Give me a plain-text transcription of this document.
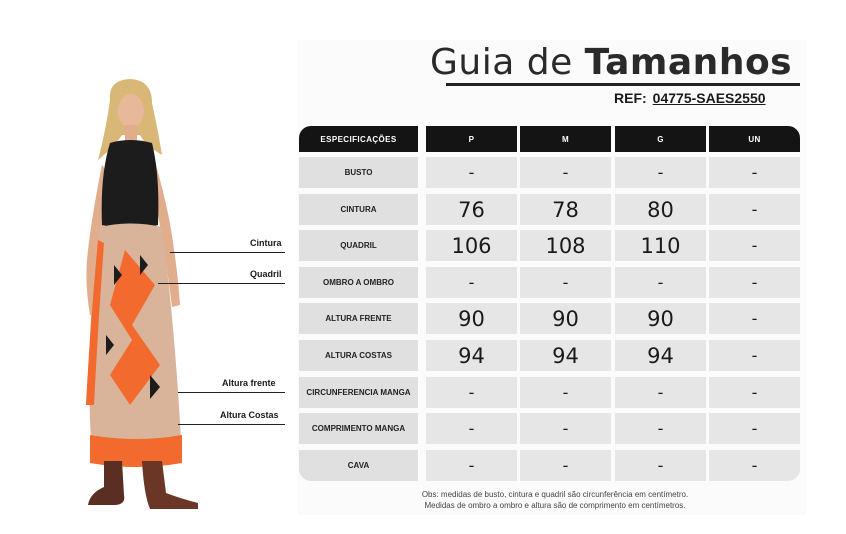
Guia de Tamanhos
REF: 04775-SAES2550
ESPECIFICAÇÕES	P	M	G	UN
BUSTO	-	-	-	-
CINTURA	76	78	80	-
QUADRIL	106	108	110	-
OMBRO A OMBRO	-	-	-	-
ALTURA FRENTE	90	90	90	-
ALTURA COSTAS	94	94	94	-
CIRCUNFERENCIA MANGA	-	-	-	-
COMPRIMENTO MANGA	-	-	-	-
CAVA	-	-	-	-
Obs: medidas de busto, cintura e quadril são circunferência em centímetro.
Medidas de ombro a ombro e altura são de comprimento em centímetros.
Cintura
Quadril
Altura frente
Altura Costas
